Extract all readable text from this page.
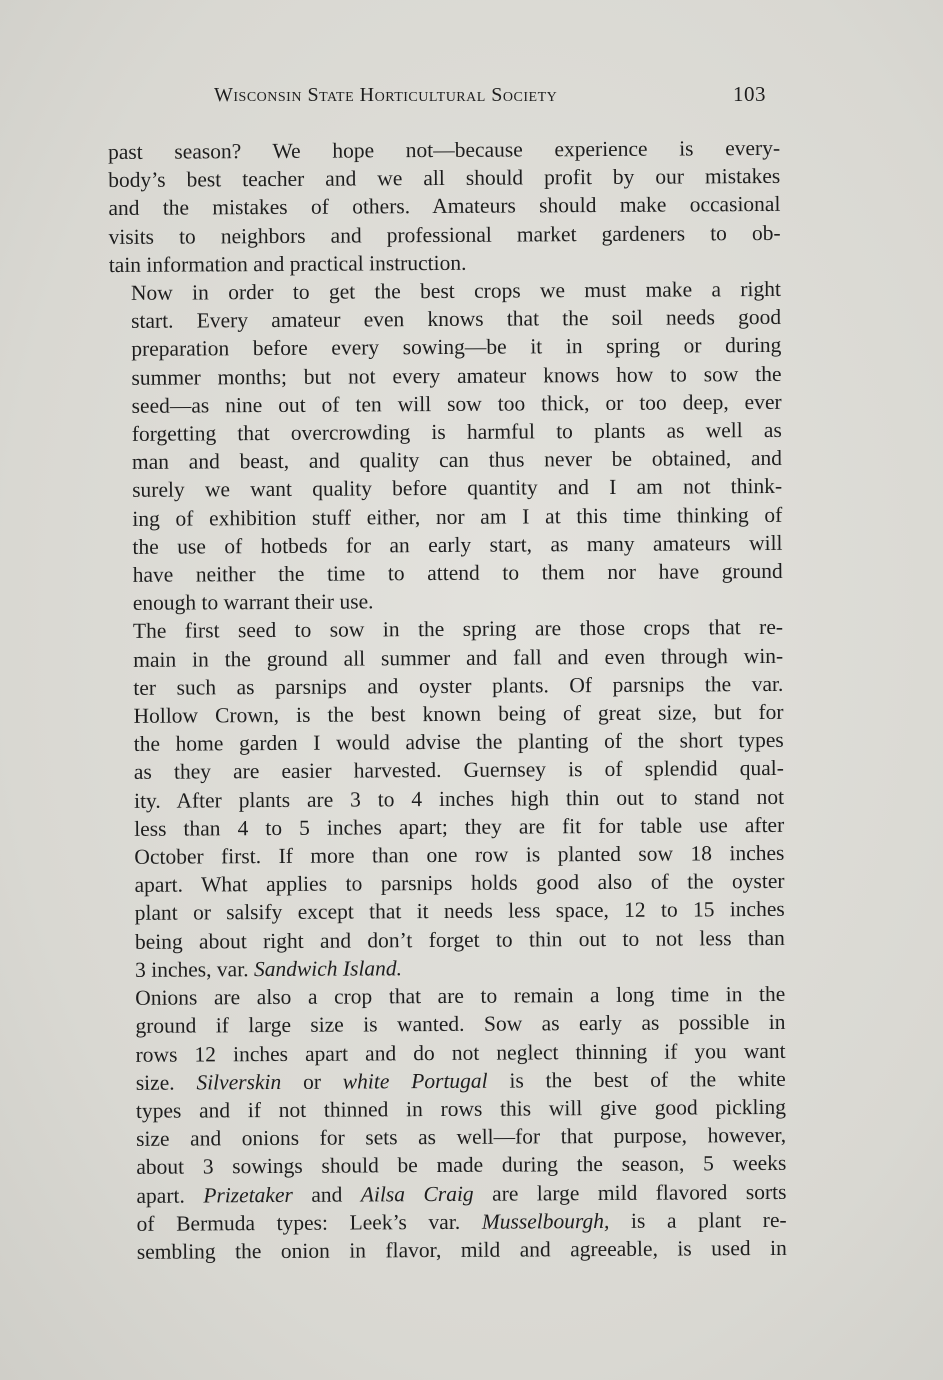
Wisconsin State Horticultural Society	103

past season? We hope not—because experience is every-
body’s best teacher and we all should profit by our mistakes
and the mistakes of others. Amateurs should make occasional
visits to neighbors and professional market gardeners to ob-
tain information and practical instruction.

Now in order to get the best crops we must make a right
start. Every amateur even knows that the soil needs good
preparation before every sowing—be it in spring or during
summer months; but not every amateur knows how to sow the
seed—as nine out of ten will sow too thick, or too deep, ever
forgetting that overcrowding is harmful to plants as well as
man and beast, and quality can thus never be obtained, and
surely we want quality before quantity and I am not think-
ing of exhibition stuff either, nor am I at this time thinking of
the use of hotbeds for an early start, as many amateurs will
have neither the time to attend to them nor have ground
enough to warrant their use.

The first seed to sow in the spring are those crops that re-
main in the ground all summer and fall and even through win-
ter such as parsnips and oyster plants. Of parsnips the var.
Hollow Crown, is the best known being of great size, but for
the home garden I would advise the planting of the short types
as they are easier harvested. Guernsey is of splendid qual-
ity. After plants are 3 to 4 inches high thin out to stand not
less than 4 to 5 inches apart; they are fit for table use after
October first. If more than one row is planted sow 18 inches
apart. What applies to parsnips holds good also of the oyster
plant or salsify except that it needs less space, 12 to 15 inches
being about right and don’t forget to thin out to not less than
3 inches, var. Sandwich Island.

Onions are also a crop that are to remain a long time in the
ground if large size is wanted. Sow as early as possible in
rows 12 inches apart and do not neglect thinning if you want
size. Silverskin or white Portugal is the best of the white
types and if not thinned in rows this will give good pickling
size and onions for sets as well—for that purpose, however,
about 3 sowings should be made during the season, 5 weeks
apart. Prizetaker and Ailsa Craig are large mild flavored sorts
of Bermuda types: Leek’s var. Musselbourgh, is a plant re-
sembling the onion in flavor, mild and agreeable, is used in
